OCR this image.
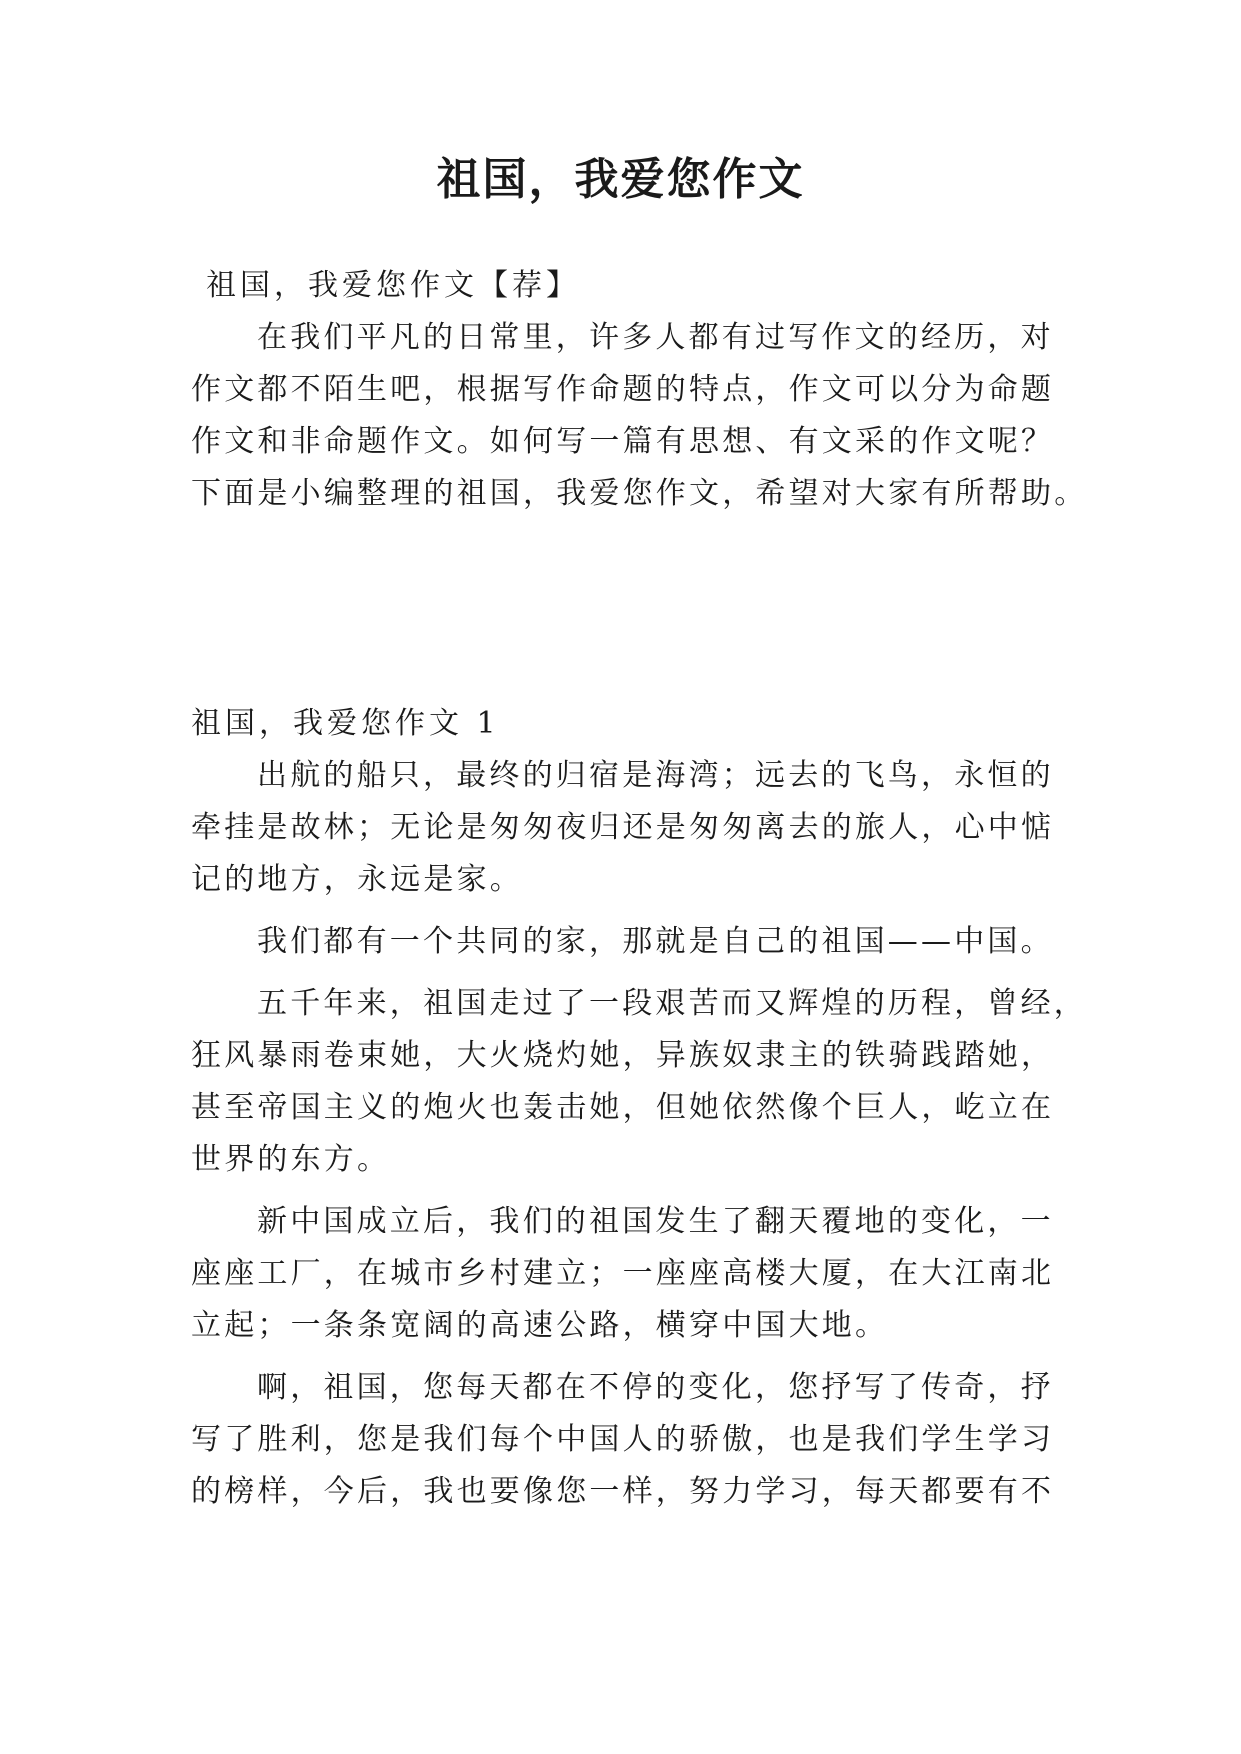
祖国，我爱您作文
祖国，我爱您作文【荐】
在我们平凡的日常里，许多人都有过写作文的经历，对
作文都不陌生吧，根据写作命题的特点，作文可以分为命题
作文和非命题作文。如何写一篇有思想、有文采的作文呢？
下面是小编整理的祖国，我爱您作文，希望对大家有所帮助。
祖国，我爱您作文 1
出航的船只，最终的归宿是海湾；远去的飞鸟，永恒的
牵挂是故林；无论是匆匆夜归还是匆匆离去的旅人，心中惦
记的地方，永远是家。
我们都有一个共同的家，那就是自己的祖国——中国。
五千年来，祖国走过了一段艰苦而又辉煌的历程，曾经，
狂风暴雨卷束她，大火烧灼她，异族奴隶主的铁骑践踏她，
甚至帝国主义的炮火也轰击她，但她依然像个巨人，屹立在
世界的东方。
新中国成立后，我们的祖国发生了翻天覆地的变化，一
座座工厂，在城市乡村建立；一座座高楼大厦，在大江南北
立起；一条条宽阔的高速公路，横穿中国大地。
啊，祖国，您每天都在不停的变化，您抒写了传奇，抒
写了胜利，您是我们每个中国人的骄傲，也是我们学生学习
的榜样，今后，我也要像您一样，努力学习，每天都要有不
